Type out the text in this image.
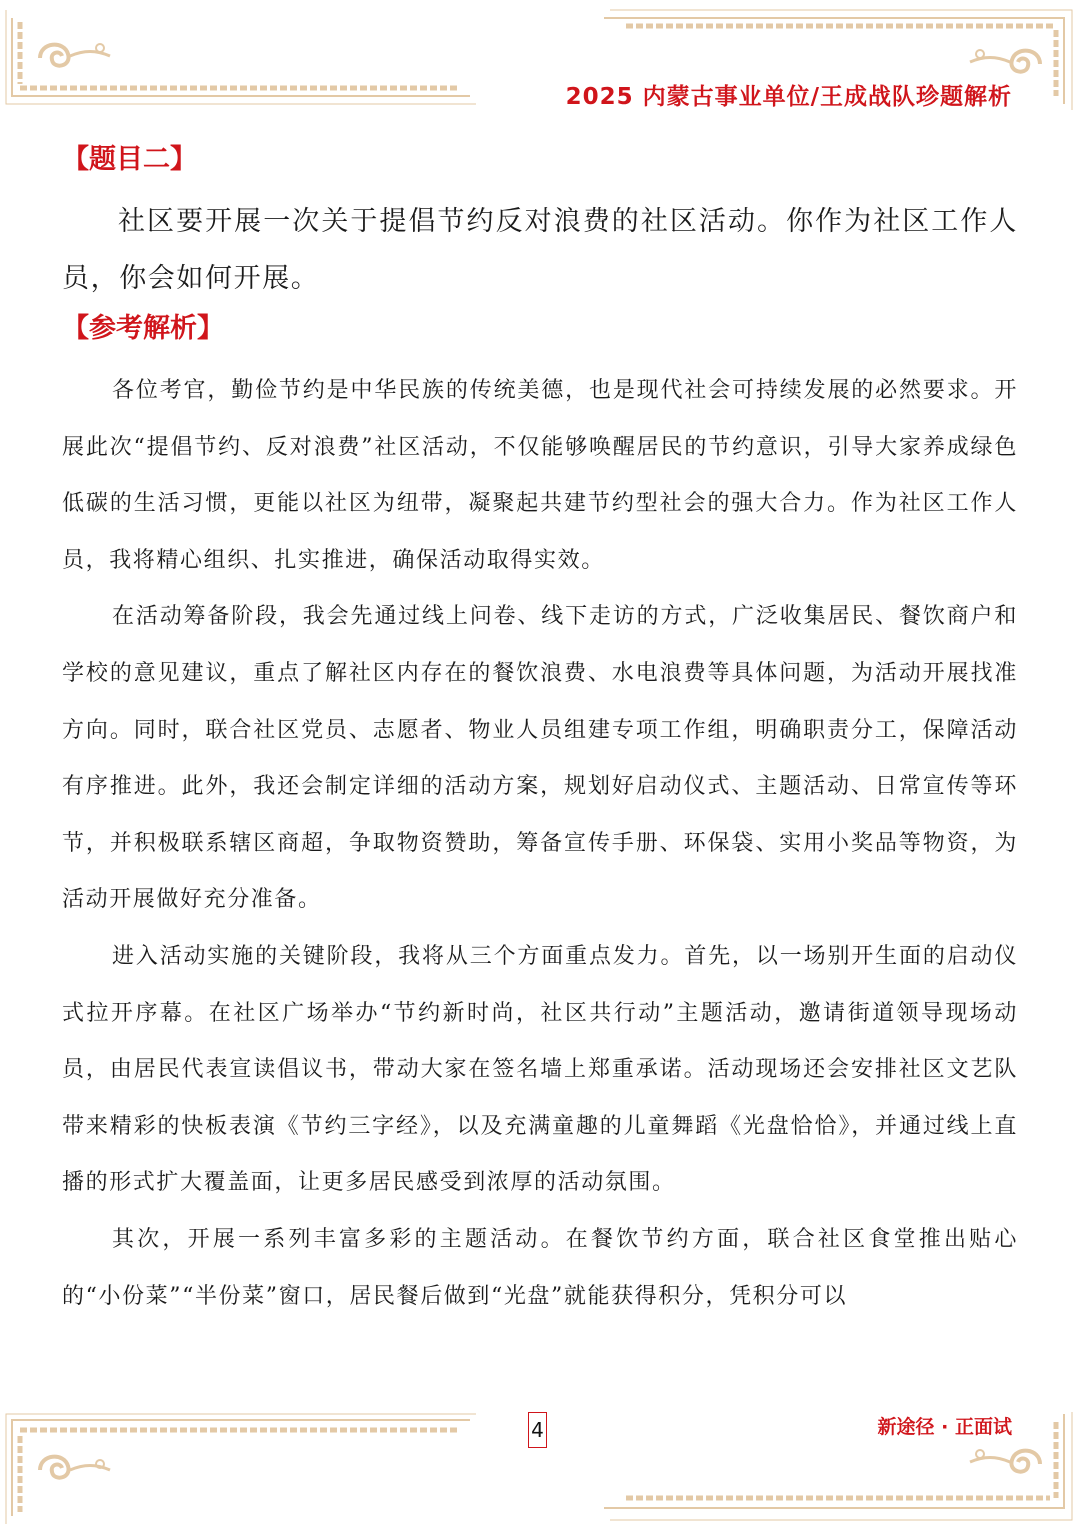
2025 内蒙古事业单位/王成战队珍题解析

【题目二】

社区要开展一次关于提倡节约反对浪费的社区活动。你作为社区工作人员，你会如何开展。

【参考解析】

各位考官，勤俭节约是中华民族的传统美德，也是现代社会可持续发展的必然要求。开展此次“提倡节约、反对浪费”社区活动，不仅能够唤醒居民的节约意识，引导大家养成绿色低碳的生活习惯，更能以社区为纽带，凝聚起共建节约型社会的强大合力。作为社区工作人员，我将精心组织、扎实推进，确保活动取得实效。

在活动筹备阶段，我会先通过线上问卷、线下走访的方式，广泛收集居民、餐饮商户和学校的意见建议，重点了解社区内存在的餐饮浪费、水电浪费等具体问题，为活动开展找准方向。同时，联合社区党员、志愿者、物业人员组建专项工作组，明确职责分工，保障活动有序推进。此外，我还会制定详细的活动方案，规划好启动仪式、主题活动、日常宣传等环节，并积极联系辖区商超，争取物资赞助，筹备宣传手册、环保袋、实用小奖品等物资，为活动开展做好充分准备。

进入活动实施的关键阶段，我将从三个方面重点发力。首先，以一场别开生面的启动仪式拉开序幕。在社区广场举办“节约新时尚，社区共行动”主题活动，邀请街道领导现场动员，由居民代表宣读倡议书，带动大家在签名墙上郑重承诺。活动现场还会安排社区文艺队带来精彩的快板表演《节约三字经》，以及充满童趣的儿童舞蹈《光盘恰恰》，并通过线上直播的形式扩大覆盖面，让更多居民感受到浓厚的活动氛围。

其次，开展一系列丰富多彩的主题活动。在餐饮节约方面，联合社区食堂推出贴心的“小份菜”“半份菜”窗口，居民餐后做到“光盘”就能获得积分，凭积分可以

4	新途径 · 正面试
